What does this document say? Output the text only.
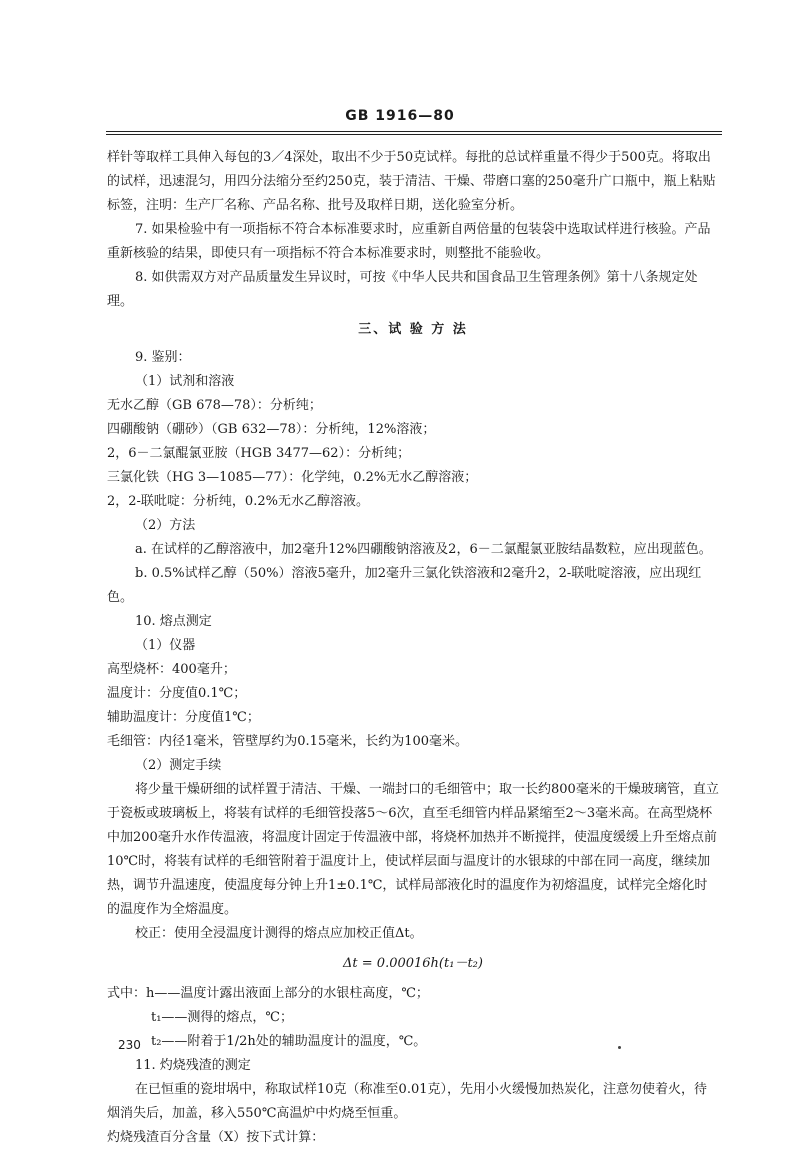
GB 1916—80

样针等取样工具伸入每包的3／4深处，取出不少于50克试样。每批的总试样重量不得少于500克。将取出的试样，迅速混匀，用四分法缩分至约250克，装于清洁、干燥、带磨口塞的250毫升广口瓶中，瓶上粘贴标签，注明：生产厂名称、产品名称、批号及取样日期，送化验室分析。

7. 如果检验中有一项指标不符合本标准要求时，应重新自两倍量的包装袋中选取试样进行核验。产品重新核验的结果，即使只有一项指标不符合本标准要求时，则整批不能验收。

8. 如供需双方对产品质量发生异议时，可按《中华人民共和国食品卫生管理条例》第十八条规定处理。

三、试 验 方 法

9. 鉴别：

（1）试剂和溶液

无水乙醇（GB 678—78）：分析纯；

四硼酸钠（硼砂）（GB 632—78）：分析纯，12%溶液；

2，6－二氯醌氯亚胺（HGB 3477—62）：分析纯；

三氯化铁（HG 3—1085—77）：化学纯，0.2%无水乙醇溶液；

2，2-联吡啶：分析纯，0.2%无水乙醇溶液。

（2）方法

a. 在试样的乙醇溶液中，加2毫升12%四硼酸钠溶液及2，6－二氯醌氯亚胺结晶数粒，应出现蓝色。

b. 0.5%试样乙醇（50%）溶液5毫升，加2毫升三氯化铁溶液和2毫升2，2-联吡啶溶液，应出现红色。

10. 熔点测定

（1）仪器

高型烧杯：400毫升；

温度计：分度值0.1℃；

辅助温度计：分度值1℃；

毛细管：内径1毫米，管壁厚约为0.15毫米，长约为100毫米。

（2）测定手续

将少量干燥研细的试样置于清洁、干燥、一端封口的毛细管中；取一长约800毫米的干燥玻璃管，直立于瓷板或玻璃板上，将装有试样的毛细管投落5～6次，直至毛细管内样品紧缩至2～3毫米高。在高型烧杯中加200毫升水作传温液，将温度计固定于传温液中部，将烧杯加热并不断搅拌，使温度缓缓上升至熔点前10℃时，将装有试样的毛细管附着于温度计上，使试样层面与温度计的水银球的中部在同一高度，继续加热，调节升温速度，使温度每分钟上升1±0.1℃，试样局部液化时的温度作为初熔温度，试样完全熔化时的温度作为全熔温度。

校正：使用全浸温度计测得的熔点应加校正值Δt。

Δt = 0.00016h(t₁－t₂)

式中：h——温度计露出液面上部分的水银柱高度，℃；

t₁——测得的熔点，℃；

t₂——附着于1/2h处的辅助温度计的温度，℃。

11. 灼烧残渣的测定

在已恒重的瓷坩埚中，称取试样10克（称准至0.01克），先用小火缓慢加热炭化，注意勿使着火，待烟消失后，加盖，移入550℃高温炉中灼烧至恒重。

灼烧残渣百分含量（X）按下式计算：

230
